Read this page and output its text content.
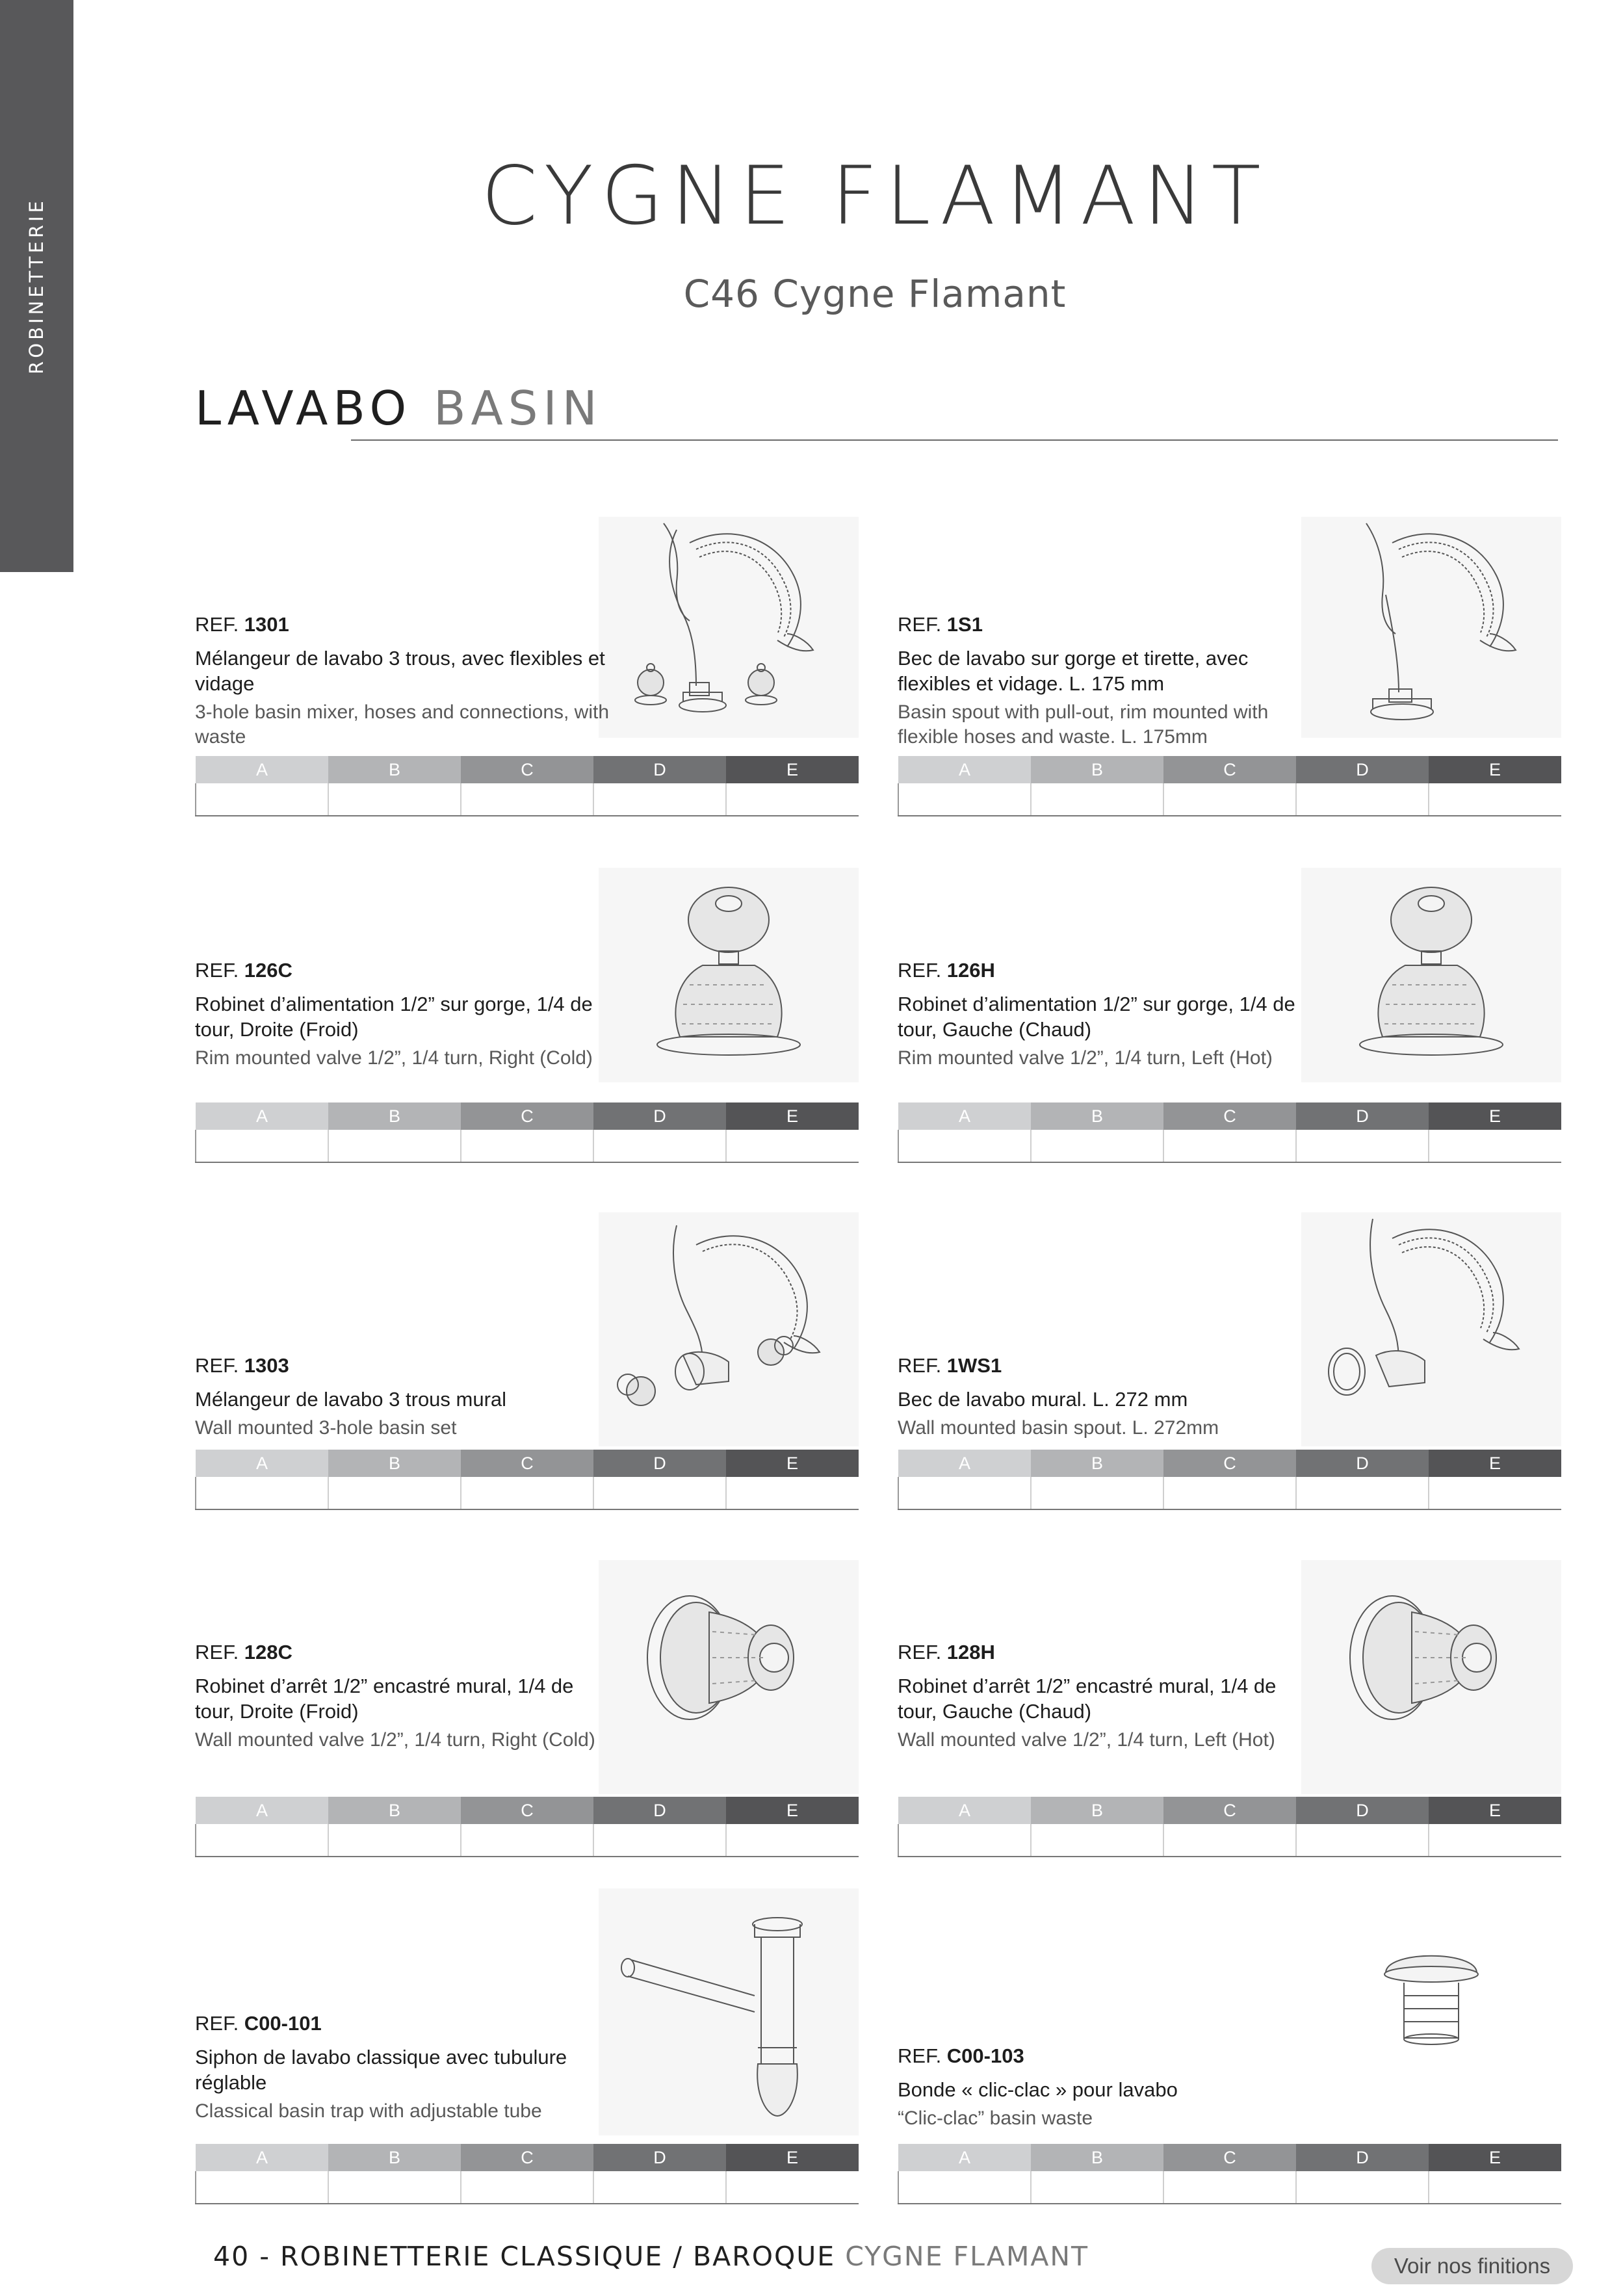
ROBINETTERIE
CYGNE FLAMANT
C46 Cygne Flamant
LAVABO BASIN
REF. 1301
Mélangeur de lavabo 3 trous, avec flexibles et vidage
3-hole basin mixer, hoses and connections, with waste
A	B	C	D	E

REF. 1S1
Bec de lavabo sur gorge et tirette, avec flexibles et vidage. L. 175 mm
Basin spout with pull-out, rim mounted with flexible hoses and waste. L. 175mm
A	B	C	D	E

REF. 126C
Robinet d’alimentation 1/2” sur gorge, 1/4 de tour, Droite (Froid)
Rim mounted valve 1/2”, 1/4 turn, Right (Cold)
A	B	C	D	E

REF. 126H
Robinet d’alimentation 1/2” sur gorge, 1/4 de tour, Gauche (Chaud)
Rim mounted valve 1/2”, 1/4 turn, Left (Hot)
A	B	C	D	E

REF. 1303
Mélangeur de lavabo 3 trous mural
Wall mounted 3-hole basin set
A	B	C	D	E

REF. 1WS1
Bec de lavabo mural. L. 272 mm
Wall mounted basin spout. L. 272mm
A	B	C	D	E

REF. 128C
Robinet d’arrêt 1/2” encastré mural, 1/4 de tour, Droite (Froid)
Wall mounted valve 1/2”, 1/4 turn, Right (Cold)
A	B	C	D	E

REF. 128H
Robinet d’arrêt 1/2” encastré mural, 1/4 de tour, Gauche (Chaud)
Wall mounted valve 1/2”, 1/4 turn, Left (Hot)
A	B	C	D	E

REF. C00-101
Siphon de lavabo classique avec tubulure réglable
Classical basin trap with adjustable tube
A	B	C	D	E

REF. C00-103
Bonde « clic-clac » pour lavabo
“Clic-clac” basin waste
A	B	C	D	E

40 - ROBINETTERIE CLASSIQUE / BAROQUE CYGNE FLAMANT	Voir nos finitions
